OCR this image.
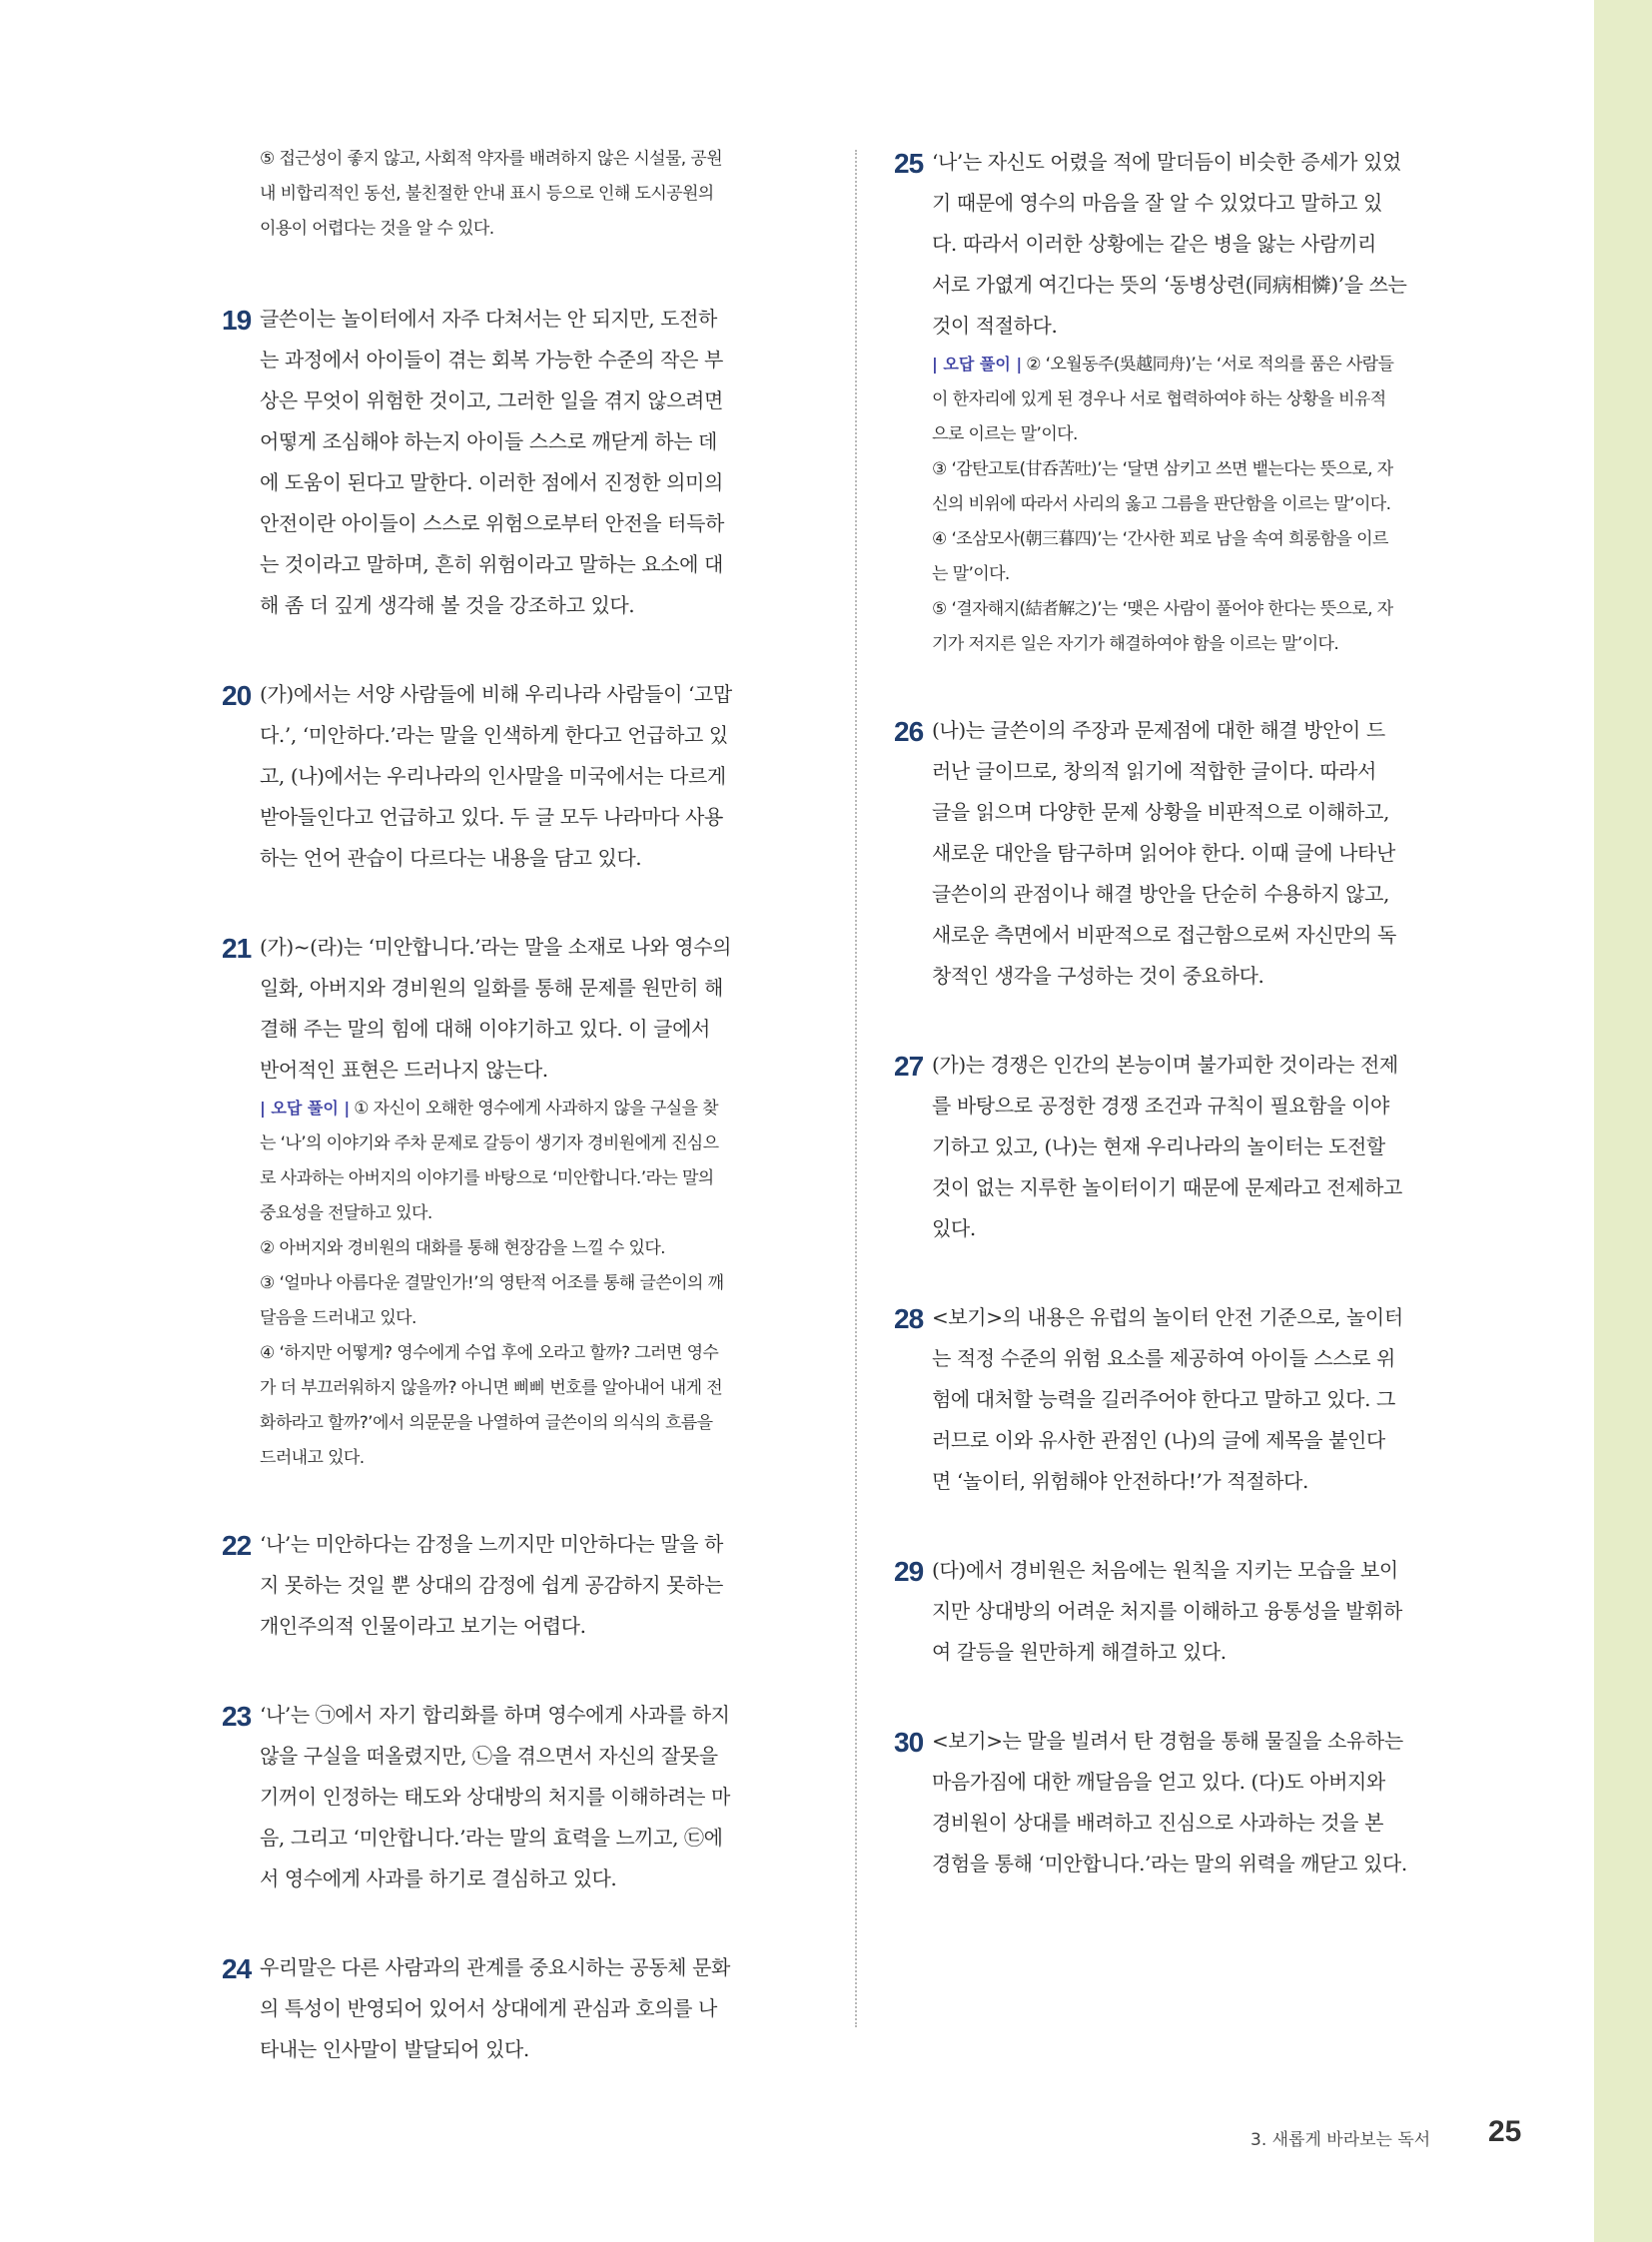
⑤ 접근성이 좋지 않고, 사회적 약자를 배려하지 않은 시설물, 공원
내 비합리적인 동선, 불친절한 안내 표시 등으로 인해 도시공원의
이용이 어렵다는 것을 알 수 있다.
19 글쓴이는 놀이터에서 자주 다쳐서는 안 되지만, 도전하
는 과정에서 아이들이 겪는 회복 가능한 수준의 작은 부
상은 무엇이 위험한 것이고, 그러한 일을 겪지 않으려면
어떻게 조심해야 하는지 아이들 스스로 깨닫게 하는 데
에 도움이 된다고 말한다. 이러한 점에서 진정한 의미의
안전이란 아이들이 스스로 위험으로부터 안전을 터득하
는 것이라고 말하며, 흔히 위험이라고 말하는 요소에 대
해 좀 더 깊게 생각해 볼 것을 강조하고 있다.
20 (가)에서는 서양 사람들에 비해 우리나라 사람들이 ‘고맙
다.’, ‘미안하다.’라는 말을 인색하게 한다고 언급하고 있
고, (나)에서는 우리나라의 인사말을 미국에서는 다르게
받아들인다고 언급하고 있다. 두 글 모두 나라마다 사용
하는 언어 관습이 다르다는 내용을 담고 있다.
21 (가)~(라)는 ‘미안합니다.’라는 말을 소재로 나와 영수의
일화, 아버지와 경비원의 일화를 통해 문제를 원만히 해
결해 주는 말의 힘에 대해 이야기하고 있다. 이 글에서
반어적인 표현은 드러나지 않는다.
| 오답 풀이 | ① 자신이 오해한 영수에게 사과하지 않을 구실을 찾
는 ‘나’의 이야기와 주차 문제로 갈등이 생기자 경비원에게 진심으
로 사과하는 아버지의 이야기를 바탕으로 ‘미안합니다.’라는 말의
중요성을 전달하고 있다.
② 아버지와 경비원의 대화를 통해 현장감을 느낄 수 있다.
③ ‘얼마나 아름다운 결말인가!’의 영탄적 어조를 통해 글쓴이의 깨
달음을 드러내고 있다.
④ ‘하지만 어떻게? 영수에게 수업 후에 오라고 할까? 그러면 영수
가 더 부끄러워하지 않을까? 아니면 삐삐 번호를 알아내어 내게 전
화하라고 할까?’에서 의문문을 나열하여 글쓴이의 의식의 흐름을
드러내고 있다.
22 ‘나’는 미안하다는 감정을 느끼지만 미안하다는 말을 하
지 못하는 것일 뿐 상대의 감정에 쉽게 공감하지 못하는
개인주의적 인물이라고 보기는 어렵다.
23 ‘나’는 ㉠에서 자기 합리화를 하며 영수에게 사과를 하지
않을 구실을 떠올렸지만, ㉡을 겪으면서 자신의 잘못을
기꺼이 인정하는 태도와 상대방의 처지를 이해하려는 마
음, 그리고 ‘미안합니다.’라는 말의 효력을 느끼고, ㉢에
서 영수에게 사과를 하기로 결심하고 있다.
24 우리말은 다른 사람과의 관계를 중요시하는 공동체 문화
의 특성이 반영되어 있어서 상대에게 관심과 호의를 나
타내는 인사말이 발달되어 있다.
25 ‘나’는 자신도 어렸을 적에 말더듬이 비슷한 증세가 있었
기 때문에 영수의 마음을 잘 알 수 있었다고 말하고 있
다. 따라서 이러한 상황에는 같은 병을 앓는 사람끼리
서로 가엾게 여긴다는 뜻의 ‘동병상련(同病相憐)’을 쓰는
것이 적절하다.
| 오답 풀이 | ② ‘오월동주(吳越同舟)’는 ‘서로 적의를 품은 사람들
이 한자리에 있게 된 경우나 서로 협력하여야 하는 상황을 비유적
으로 이르는 말’이다.
③ ‘감탄고토(甘呑苦吐)’는 ‘달면 삼키고 쓰면 뱉는다는 뜻으로, 자
신의 비위에 따라서 사리의 옳고 그름을 판단함을 이르는 말’이다.
④ ‘조삼모사(朝三暮四)’는 ‘간사한 꾀로 남을 속여 희롱함을 이르
는 말’이다.
⑤ ‘결자해지(結者解之)’는 ‘맺은 사람이 풀어야 한다는 뜻으로, 자
기가 저지른 일은 자기가 해결하여야 함을 이르는 말’이다.
26 (나)는 글쓴이의 주장과 문제점에 대한 해결 방안이 드
러난 글이므로, 창의적 읽기에 적합한 글이다. 따라서
글을 읽으며 다양한 문제 상황을 비판적으로 이해하고,
새로운 대안을 탐구하며 읽어야 한다. 이때 글에 나타난
글쓴이의 관점이나 해결 방안을 단순히 수용하지 않고,
새로운 측면에서 비판적으로 접근함으로써 자신만의 독
창적인 생각을 구성하는 것이 중요하다.
27 (가)는 경쟁은 인간의 본능이며 불가피한 것이라는 전제
를 바탕으로 공정한 경쟁 조건과 규칙이 필요함을 이야
기하고 있고, (나)는 현재 우리나라의 놀이터는 도전할
것이 없는 지루한 놀이터이기 때문에 문제라고 전제하고
있다.
28 <보기>의 내용은 유럽의 놀이터 안전 기준으로, 놀이터
는 적정 수준의 위험 요소를 제공하여 아이들 스스로 위
험에 대처할 능력을 길러주어야 한다고 말하고 있다. 그
러므로 이와 유사한 관점인 (나)의 글에 제목을 붙인다
면 ‘놀이터, 위험해야 안전하다!’가 적절하다.
29 (다)에서 경비원은 처음에는 원칙을 지키는 모습을 보이
지만 상대방의 어려운 처지를 이해하고 융통성을 발휘하
여 갈등을 원만하게 해결하고 있다.
30 <보기>는 말을 빌려서 탄 경험을 통해 물질을 소유하는
마음가짐에 대한 깨달음을 얻고 있다. (다)도 아버지와
경비원이 상대를 배려하고 진심으로 사과하는 것을 본
경험을 통해 ‘미안합니다.’라는 말의 위력을 깨닫고 있다.
3. 새롭게 바라보는 독서 25
